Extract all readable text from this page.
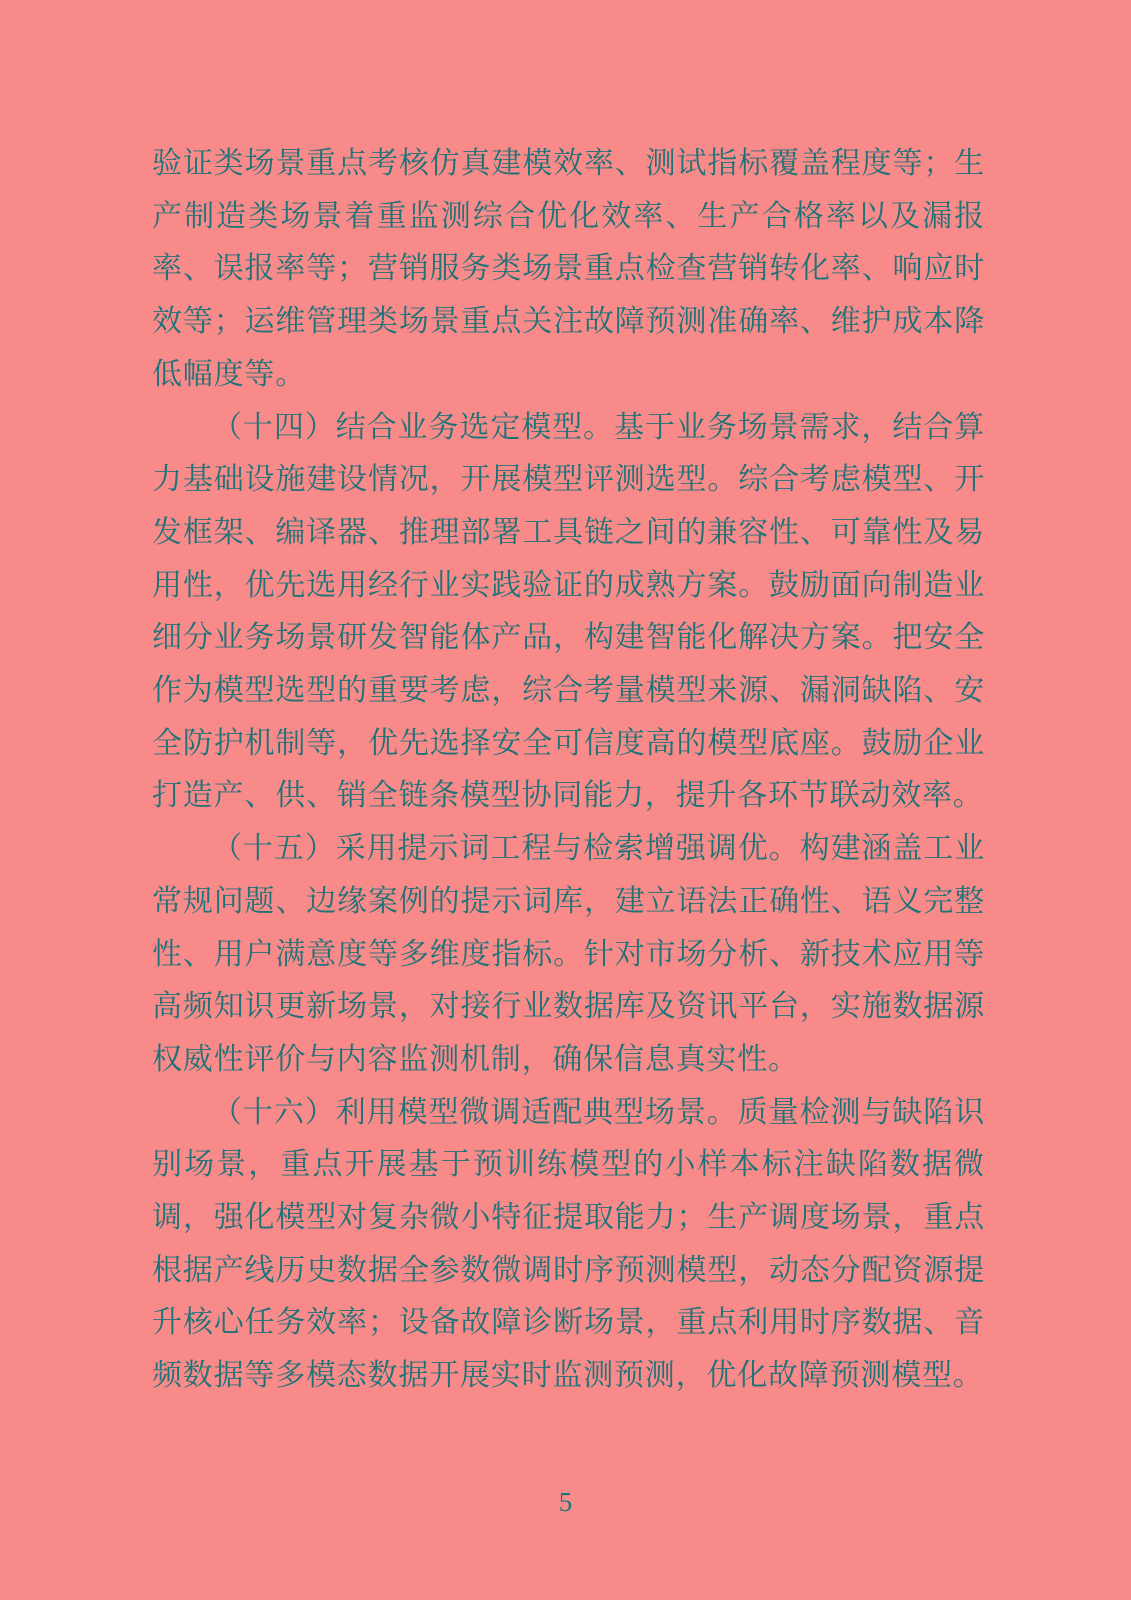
验证类场景重点考核仿真建模效率、测试指标覆盖程度等；生产制造类场景着重监测综合优化效率、生产合格率以及漏报率、误报率等；营销服务类场景重点检查营销转化率、响应时效等；运维管理类场景重点关注故障预测准确率、维护成本降低幅度等。

（十四）结合业务选定模型。基于业务场景需求，结合算力基础设施建设情况，开展模型评测选型。综合考虑模型、开发框架、编译器、推理部署工具链之间的兼容性、可靠性及易用性，优先选用经行业实践验证的成熟方案。鼓励面向制造业细分业务场景研发智能体产品，构建智能化解决方案。把安全作为模型选型的重要考虑，综合考量模型来源、漏洞缺陷、安全防护机制等，优先选择安全可信度高的模型底座。鼓励企业打造产、供、销全链条模型协同能力，提升各环节联动效率。

（十五）采用提示词工程与检索增强调优。构建涵盖工业常规问题、边缘案例的提示词库，建立语法正确性、语义完整性、用户满意度等多维度指标。针对市场分析、新技术应用等高频知识更新场景，对接行业数据库及资讯平台，实施数据源权威性评价与内容监测机制，确保信息真实性。

（十六）利用模型微调适配典型场景。质量检测与缺陷识别场景，重点开展基于预训练模型的小样本标注缺陷数据微调，强化模型对复杂微小特征提取能力；生产调度场景，重点根据产线历史数据全参数微调时序预测模型，动态分配资源提升核心任务效率；设备故障诊断场景，重点利用时序数据、音频数据等多模态数据开展实时监测预测，优化故障预测模型。

5
